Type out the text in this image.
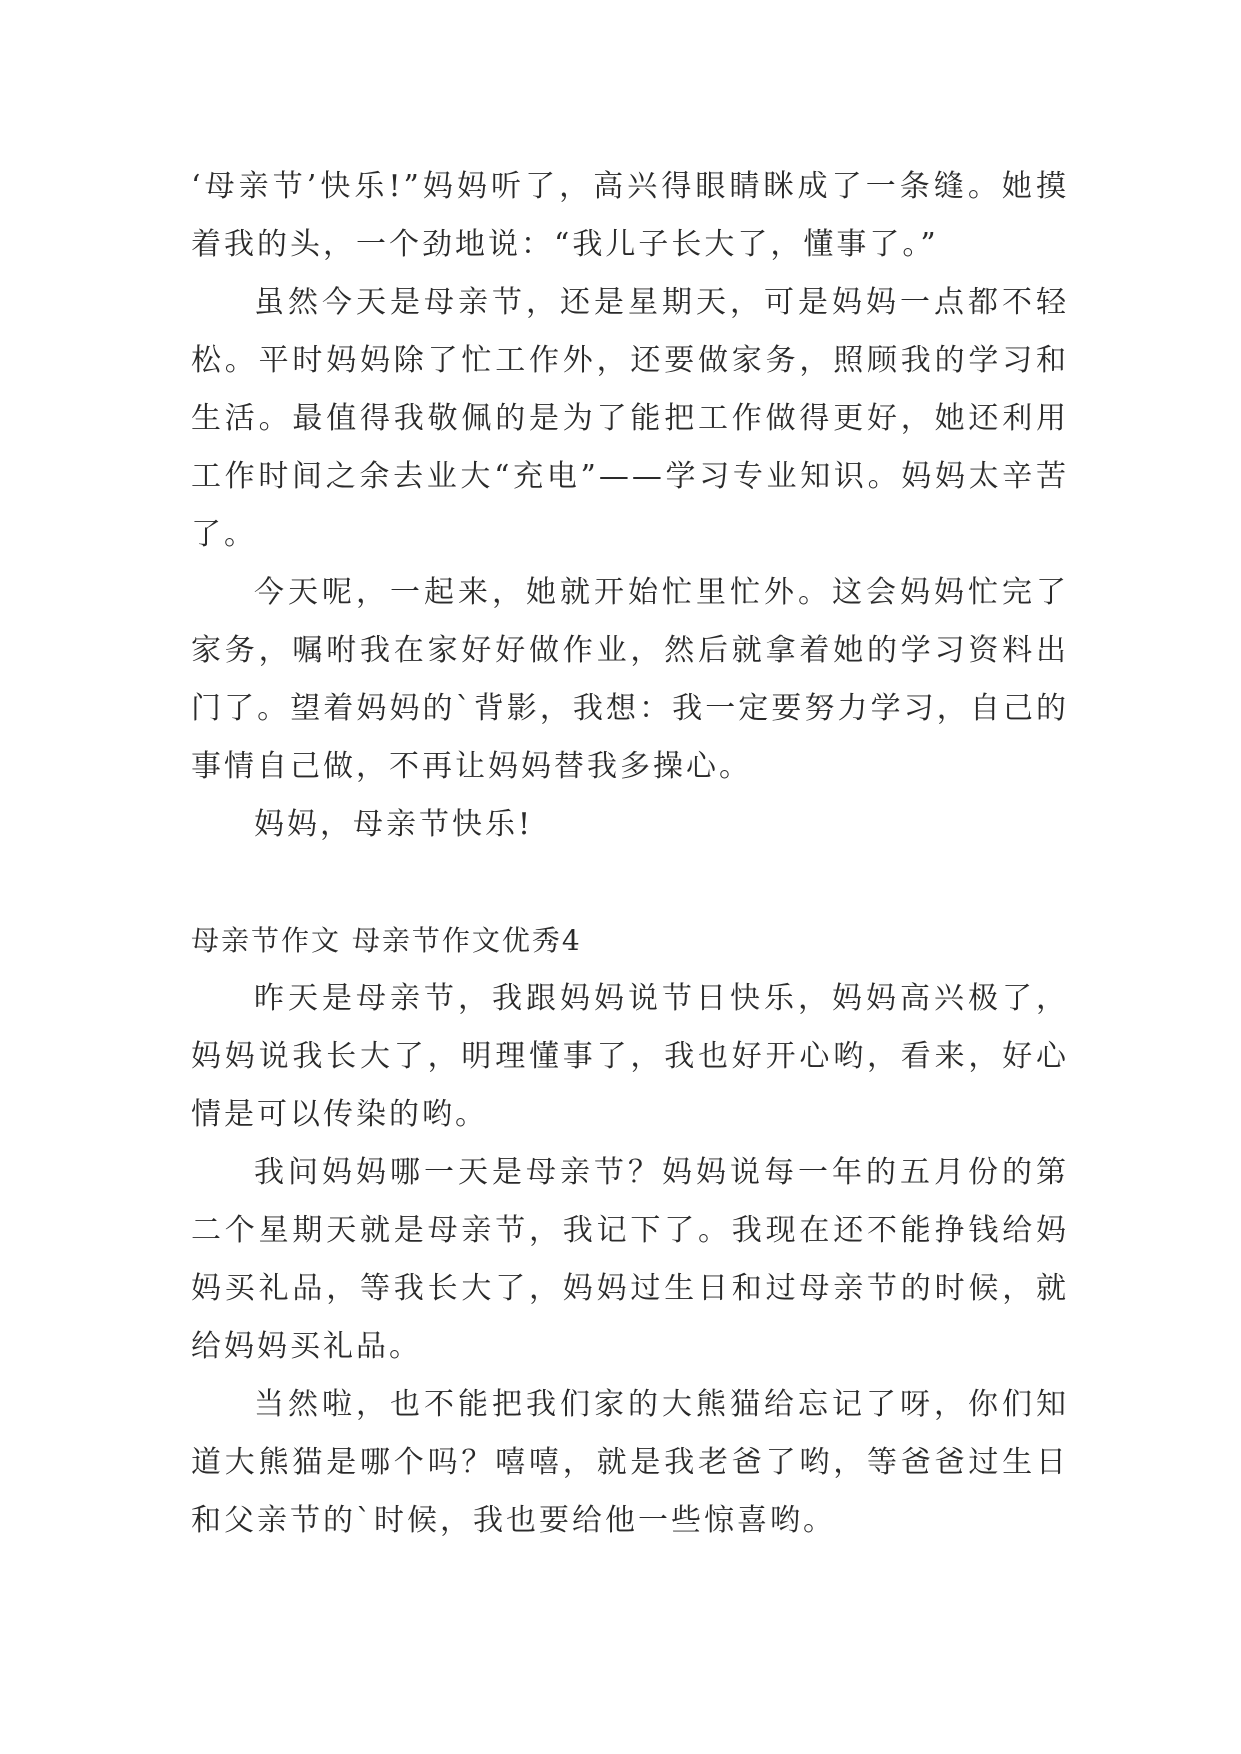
‘母亲节’快乐!”妈妈听了，高兴得眼睛眯成了一条缝。她摸着我的头，一个劲地说：“我儿子长大了，懂事了。”

虽然今天是母亲节，还是星期天，可是妈妈一点都不轻松。平时妈妈除了忙工作外，还要做家务，照顾我的学习和生活。最值得我敬佩的是为了能把工作做得更好，她还利用工作时间之余去业大“充电”——学习专业知识。妈妈太辛苦了。

今天呢，一起来，她就开始忙里忙外。这会妈妈忙完了家务，嘱咐我在家好好做作业，然后就拿着她的学习资料出门了。望着妈妈的`背影，我想：我一定要努力学习，自己的事情自己做，不再让妈妈替我多操心。

妈妈，母亲节快乐!

母亲节作文 母亲节作文优秀4

昨天是母亲节，我跟妈妈说节日快乐，妈妈高兴极了，妈妈说我长大了，明理懂事了，我也好开心哟，看来，好心情是可以传染的哟。

我问妈妈哪一天是母亲节？妈妈说每一年的五月份的第二个星期天就是母亲节，我记下了。我现在还不能挣钱给妈妈买礼品，等我长大了，妈妈过生日和过母亲节的时候，就给妈妈买礼品。

当然啦，也不能把我们家的大熊猫给忘记了呀，你们知道大熊猫是哪个吗？嘻嘻，就是我老爸了哟，等爸爸过生日和父亲节的`时候，我也要给他一些惊喜哟。
